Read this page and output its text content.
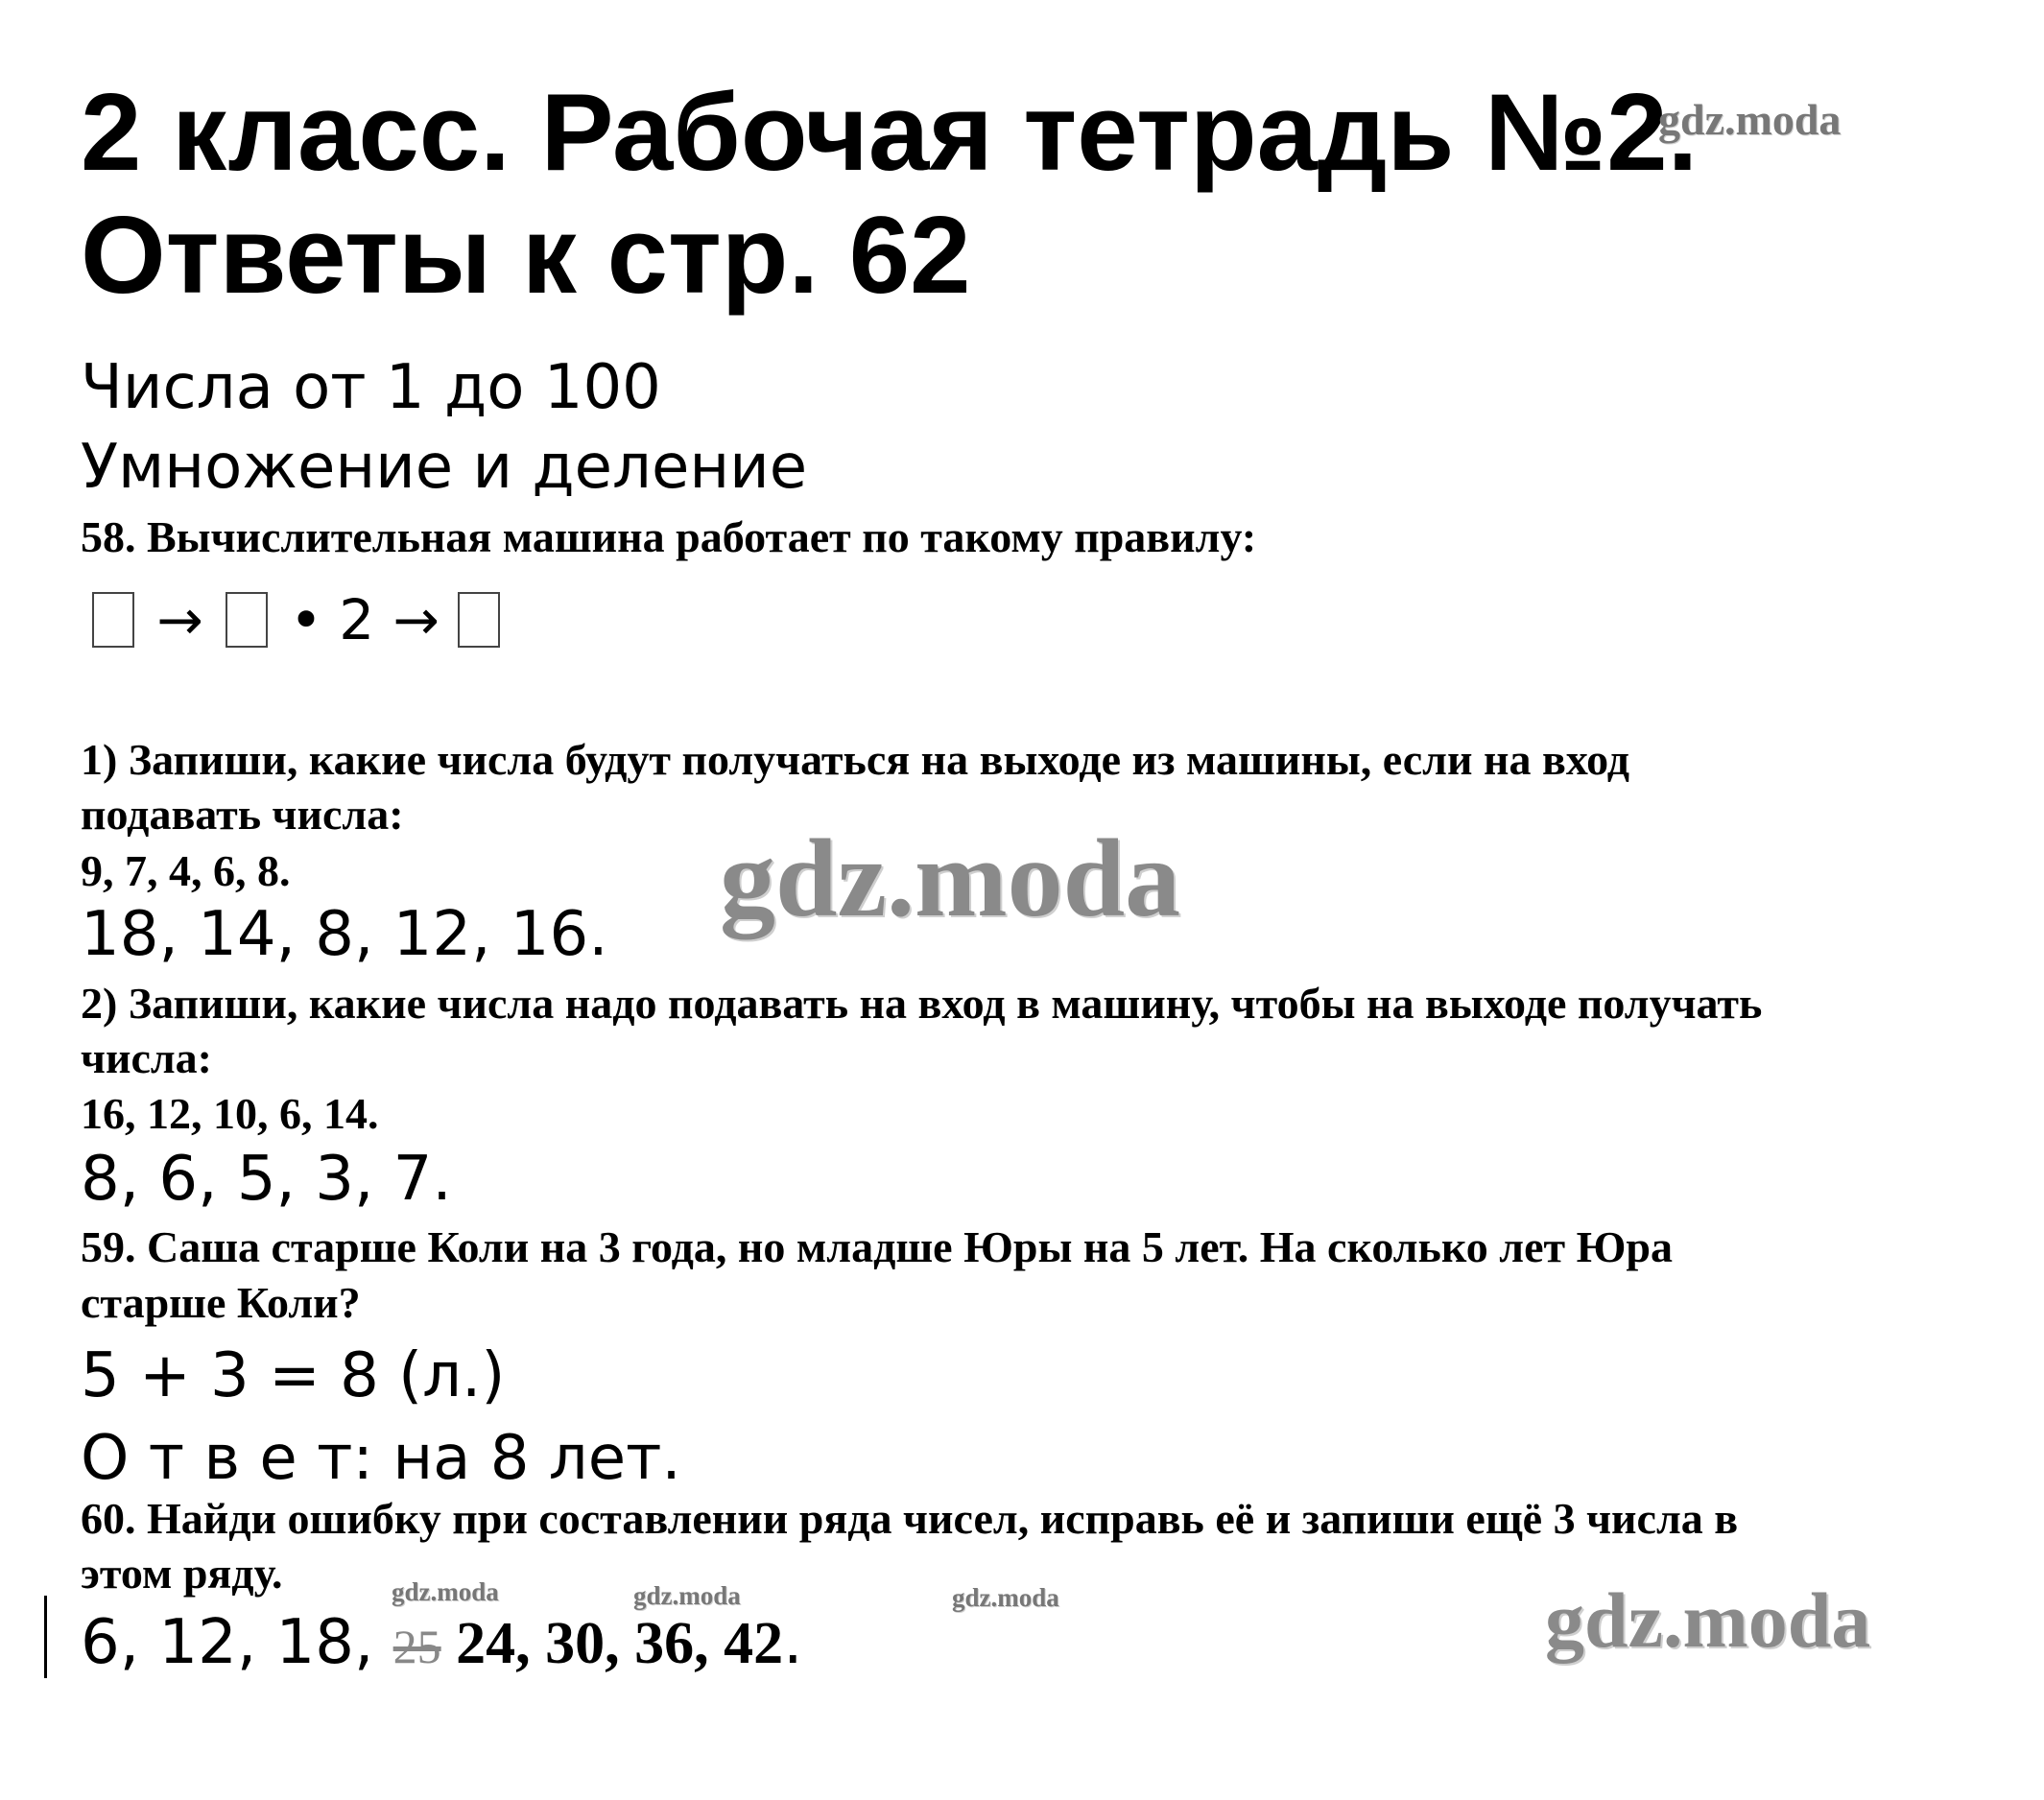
2 класс. Рабочая тетрадь №2.
gdz.moda
Ответы к стр. 62
Числа от 1 до 100
Умножение и деление
58. Вычислительная машина работает по такому правилу:
→ • 2 →
1) Запиши, какие числа будут получаться на выходе из машины, если на вход
подавать числа:
9, 7, 4, 6, 8.	gdz.moda
18, 14, 8, 12, 16.
2) Запиши, какие числа надо подавать на вход в машину, чтобы на выходе получать
числа:
16, 12, 10, 6, 14.
8, 6, 5, 3, 7.
59. Саша старше Коли на 3 года, но младше Юры на 5 лет. На сколько лет Юра
старше Коли?
5 + 3 = 8 (л.)
О т в е т: на 8 лет.
60. Найди ошибку при составлении ряда чисел, исправь её и запиши ещё 3 числа в
этом ряду.	gdz.moda	gdz.moda	gdz.moda
6, 12, 18, 25 24, 30, 36, 42.	gdz.moda
